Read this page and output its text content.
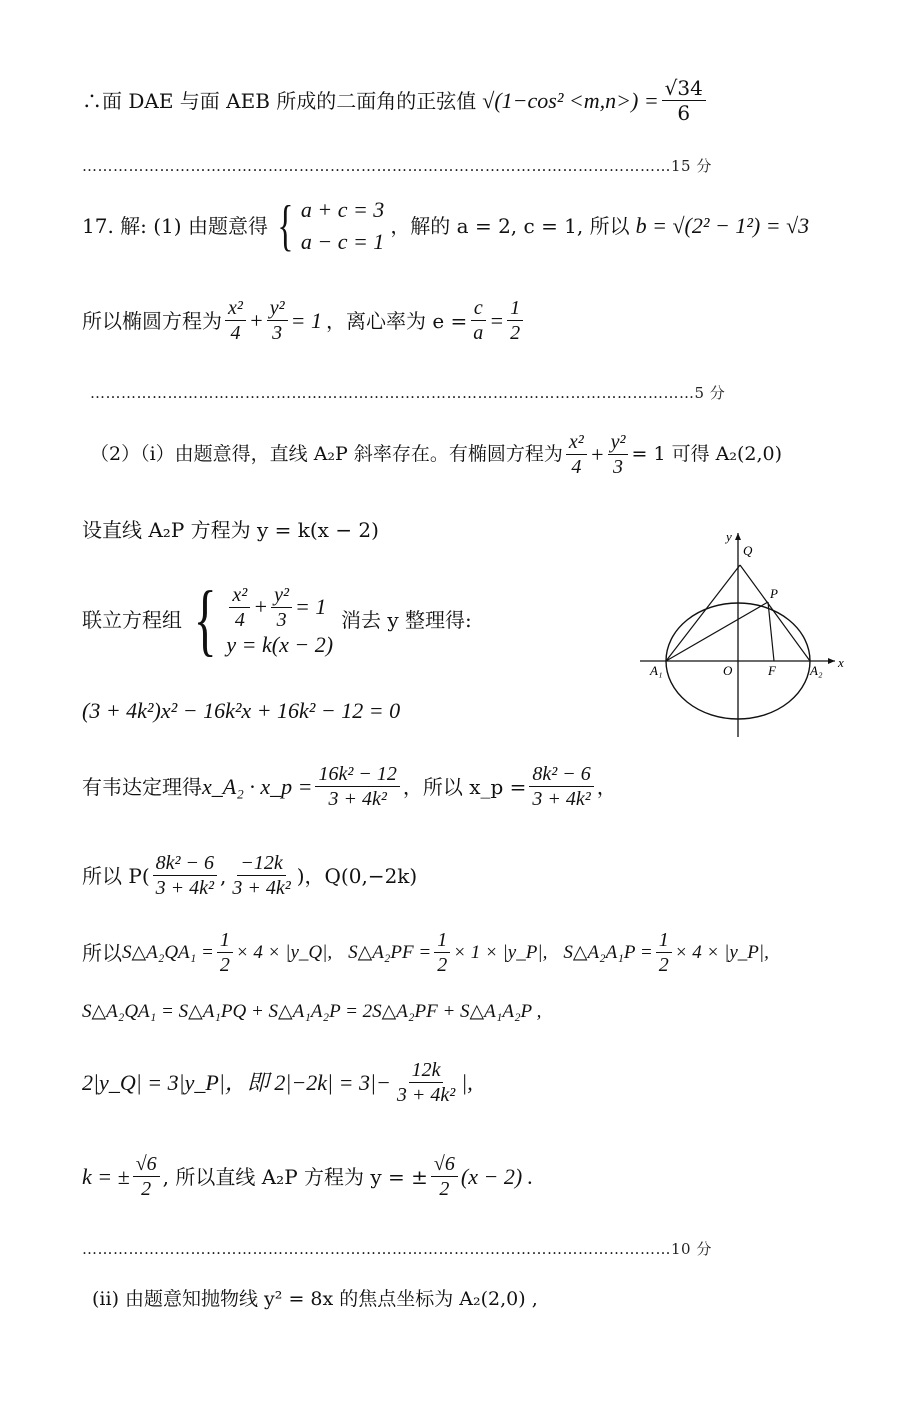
∴面 DAE 与面 AEB 所成的二面角的正弦值 $√(1-\cos^2 <m,n>) = \frac{√34}{6}$
……………………………………………………………………………………………………15 分
17. 解: (1) 由题意得 { a + c = 3
a − c = 1
，解的 a = 2, c = 1, 所以 b = √(2² − 1²) = √3
所以椭圆方程为
x²
4
+ $\frac{\text{y²}}{3} = 1$ ，离心率为 $e = \frac{c}{a} = \frac{1}{2}$
………………………………………………………………………………………………………5 分
（2）（i）由题意得，直线 A₂P 斜率存在。有椭圆方程为
x²
4
+ $\frac{\text{y²}}{3} = 1$ 可得 A₂(2,0)
设直线 A₂P 方程为 y = k(x − 2)
联立方程组 { x²
4
+ $\frac{\text{y²}}{3} = 1$
y = k(x − 2)
消去 y 整理得:
(3 + 4k²)x² − 16k²x + 16k² − 12 = 0
有韦达定理得 x_A₂ · x_p = $\frac{\text{16k² − 12}}{\text{3 + 4k²}}$ ，所以 x_p = $\frac{\text{8k² − 6}}{\text{3 + 4k²}}$ ，
所以 P(
8k² − 6
3 + 4k²
,
−12k
3 + 4k²
)，Q(0,−2k)
所以 S△A₂QA₁ = $\frac{1}{2} \times 4$ × |y_Q|, S△A₂PF = $\frac{1}{2} \times 1$ × |y_P|, S△A₂A₁P = $\frac{1}{2} \times 4$ × |y_P|,
S△A₂QA₁ = S△A₁PQ + S△A₁A₂P = 2S△A₂PF + S△A₁A₂P ,
2|y_Q| = 3|y_P|，即 $2|-2k| = 3|- \frac{12k}{\text{3 + 4k²}}$ |,
k = ± $\frac{√6}{2}$ , 所以直线 A₂P 方程为 y = ± $\frac{√6}{2} (x - 2)$ .
……………………………………………………………………………………………………10 分
(ii) 由题意知抛物线 y² = 8x 的焦点坐标为 A₂(2,0) ,
y
x
Q
P
A₁	O	F	A₂
